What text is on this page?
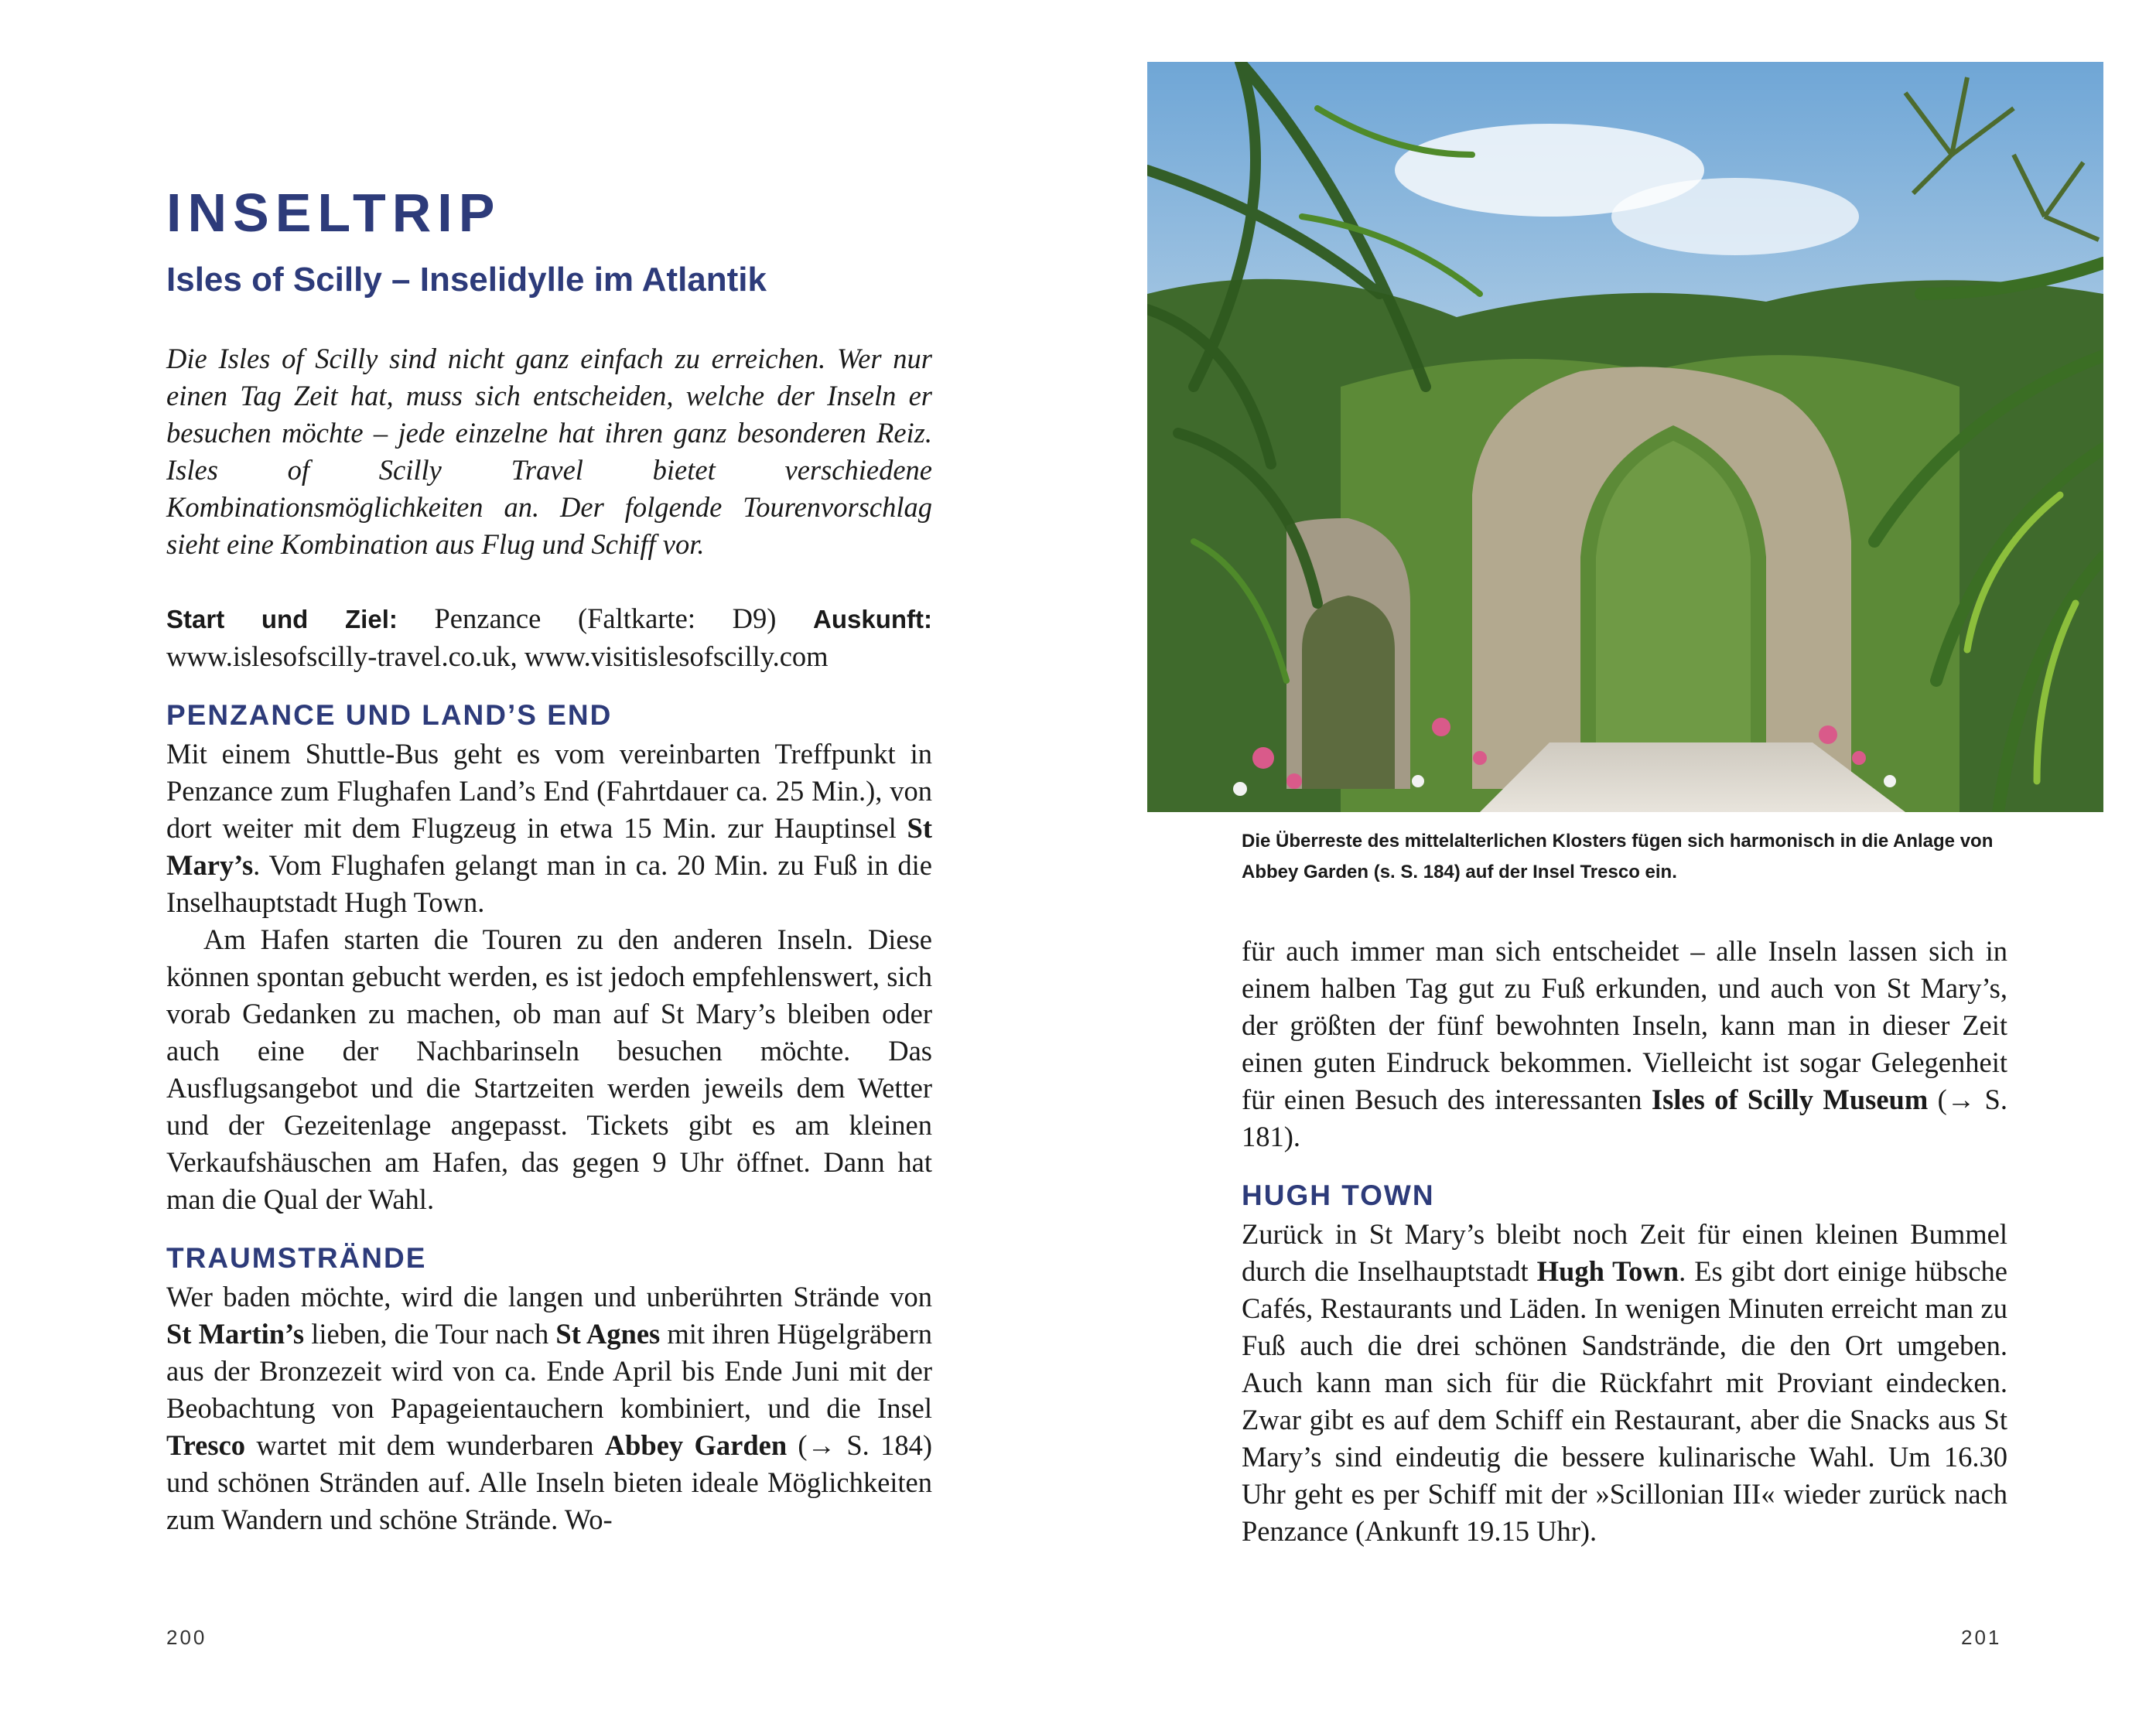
INSELTRIP
Isles of Scilly – Inselidylle im Atlantik

Die Isles of Scilly sind nicht ganz einfach zu erreichen. Wer nur einen Tag Zeit hat, muss sich entscheiden, welche der Inseln er besuchen möchte – jede einzelne hat ihren ganz besonderen Reiz. Isles of Scilly Travel bietet verschiedene Kombinationsmöglichkeiten an. Der folgende Tourenvorschlag sieht eine Kombination aus Flug und Schiff vor.

Start und Ziel: Penzance (Faltkarte: D9) Auskunft: www.islesofscilly-travel.co.uk, www.visitislesofscilly.com

PENZANCE UND LAND’S END

Mit einem Shuttle-Bus geht es vom vereinbarten Treffpunkt in Penzance zum Flughafen Land’s End (Fahrtdauer ca. 25 Min.), von dort weiter mit dem Flugzeug in etwa 15 Min. zur Hauptinsel St Mary’s. Vom Flughafen gelangt man in ca. 20 Min. zu Fuß in die Inselhauptstadt Hugh Town.

Am Hafen starten die Touren zu den anderen Inseln. Diese können spontan gebucht werden, es ist jedoch empfehlenswert, sich vorab Gedanken zu machen, ob man auf St Mary’s bleiben oder auch eine der Nachbarinseln besuchen möchte. Das Ausflugsangebot und die Startzeiten werden jeweils dem Wetter und der Gezeitenlage angepasst. Tickets gibt es am kleinen Verkaufshäuschen am Hafen, das gegen 9 Uhr öffnet. Dann hat man die Qual der Wahl.

TRAUMSTRÄNDE

Wer baden möchte, wird die langen und unberührten Strände von St Martin’s lieben, die Tour nach St Agnes mit ihren Hügelgräbern aus der Bronzezeit wird von ca. Ende April bis Ende Juni mit der Beobachtung von Papageientauchern kombiniert, und die Insel Tresco wartet mit dem wunderbaren Abbey Garden (→ S. 184) und schönen Stränden auf. Alle Inseln bieten ideale Möglichkeiten zum Wandern und schöne Strände. Wo-

200

Die Überreste des mittelalterlichen Klosters fügen sich harmonisch in die Anlage von Abbey Garden (s. S. 184) auf der Insel Tresco ein.

für auch immer man sich entscheidet – alle Inseln lassen sich in einem halben Tag gut zu Fuß erkunden, und auch von St Mary’s, der größten der fünf bewohnten Inseln, kann man in dieser Zeit einen guten Eindruck bekommen. Vielleicht ist sogar Gelegenheit für einen Besuch des interessanten Isles of Scilly Museum (→ S. 181).

HUGH TOWN

Zurück in St Mary’s bleibt noch Zeit für einen kleinen Bummel durch die Inselhauptstadt Hugh Town. Es gibt dort einige hübsche Cafés, Restaurants und Läden. In wenigen Minuten erreicht man zu Fuß auch die drei schönen Sandstrände, die den Ort umgeben. Auch kann man sich für die Rückfahrt mit Proviant eindecken. Zwar gibt es auf dem Schiff ein Restaurant, aber die Snacks aus St Mary’s sind eindeutig die bessere kulinarische Wahl. Um 16.30 Uhr geht es per Schiff mit der »Scillonian III« wieder zurück nach Penzance (Ankunft 19.15 Uhr).

201
